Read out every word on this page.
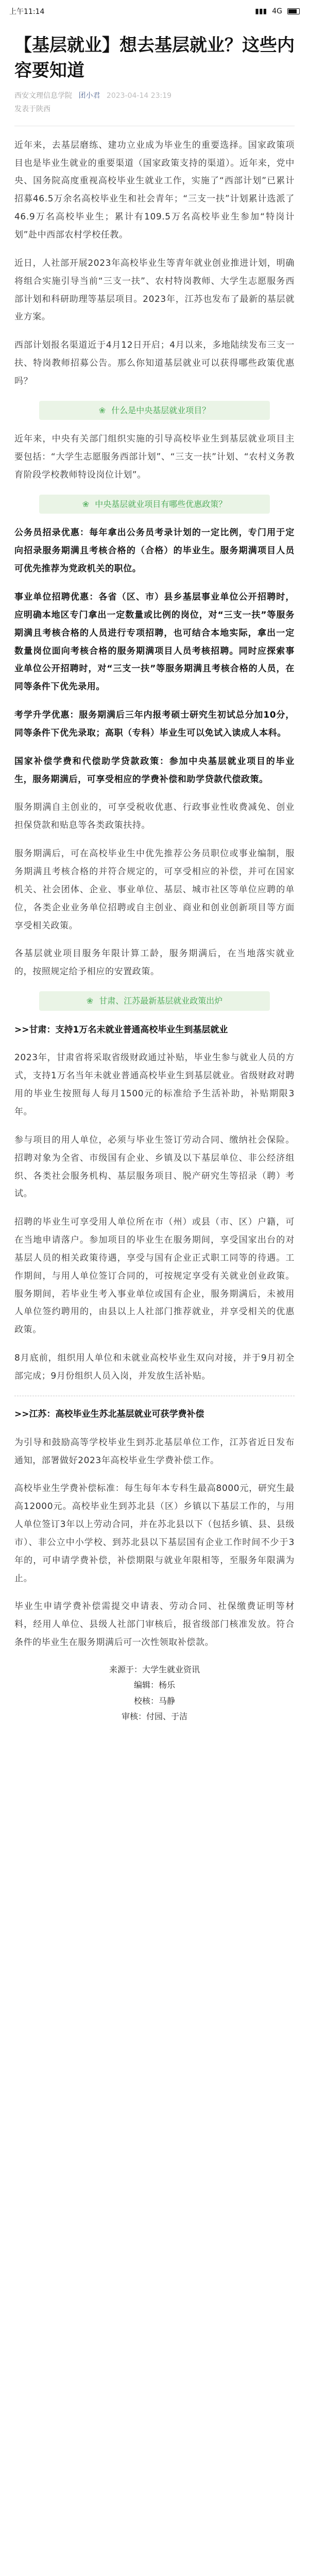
上午11:14	▮▮▮ 4G
【基层就业】想去基层就业？这些内容要知道
西安文理信息学院 团小君 2023-04-14 23:19
发表于陕西

近年来，去基层磨练、建功立业成为毕业生的重要选择。国家政策项目也是毕业生就业的重要渠道（国家政策支持的渠道）。近年来，党中央、国务院高度重视高校毕业生就业工作，实施了“西部计划”已累计招募46.5万余名高校毕业生和社会青年；“三支一扶”计划累计选派了46.9万名高校毕业生；累计有109.5万名高校毕业生参加“特岗计划”赴中西部农村学校任教。

近日，人社部开展2023年高校毕业生等青年就业创业推进计划，明确将组合实施引导当前“三支一扶”、农村特岗教师、大学生志愿服务西部计划和科研助理等基层项目。2023年，江苏也发布了最新的基层就业方案。

西部计划报名渠道近于4月12日开启；4月以来，多地陆续发布三支一扶、特岗教师招募公告。那么你知道基层就业可以获得哪些政策优惠吗？

❀ 什么是中央基层就业项目？

近年来，中央有关部门组织实施的引导高校毕业生到基层就业项目主要包括：“大学生志愿服务西部计划”、“三支一扶”计划、“农村义务教育阶段学校教师特设岗位计划”。

❀ 中央基层就业项目有哪些优惠政策？

公务员招录优惠：每年拿出公务员考录计划的一定比例，专门用于定向招录服务期满且考核合格的（合格）的毕业生。服务期满项目人员可优先推荐为党政机关的职位。

事业单位招聘优惠：各省（区、市）县乡基层事业单位公开招聘时，应明确本地区专门拿出一定数量或比例的岗位，对“三支一扶”等服务期满且考核合格的人员进行专项招聘，也可结合本地实际，拿出一定数量岗位面向考核合格的服务期满项目人员考核招聘。同时应探索事业单位公开招聘时，对“三支一扶”等服务期满且考核合格的人员，在同等条件下优先录用。

考学升学优惠：服务期满后三年内报考硕士研究生初试总分加10分，同等条件下优先录取；高职（专科）毕业生可以免试入读成人本科。

国家补偿学费和代偿助学贷款政策：参加中央基层就业项目的毕业生，服务期满后，可享受相应的学费补偿和助学贷款代偿政策。

服务期满自主创业的，可享受税收优惠、行政事业性收费减免、创业担保贷款和贴息等各类政策扶持。

服务期满后，可在高校毕业生中优先推荐公务员职位或事业编制，服务期满且考核合格的并符合规定的，可享受相应的补偿，并可在国家机关、社会团体、企业、事业单位、基层、城市社区等单位应聘的单位，各类企业业务单位招聘或自主创业、商业和创业创新项目等方面享受相关政策。

各基层就业项目服务年限计算工龄，服务期满后，在当地落实就业的，按照规定给予相应的安置政策。

❀ 甘肃、江苏最新基层就业政策出炉
>>甘肃：支持1万名未就业普通高校毕业生到基层就业

2023年，甘肃省将采取省级财政通过补贴，毕业生参与就业人员的方式，支持1万名当年未就业普通高校毕业生到基层就业。省级财政对聘用的毕业生按照每人每月1500元的标准给予生活补助，补贴期限3年。

参与项目的用人单位，必须与毕业生签订劳动合同、缴纳社会保险。招聘对象为全省、市级国有企业、乡镇及以下基层单位、非公经济组织、各类社会服务机构、基层服务项目、脱产研究生等招录（聘）考试。

招聘的毕业生可享受用人单位所在市（州）或县（市、区）户籍，可在当地申请落户。参加项目的毕业生在服务期间，享受国家出台的对基层人员的相关政策待遇，享受与国有企业正式职工同等的待遇。工作期间，与用人单位签订合同的，可按规定享受有关就业创业政策。服务期间，若毕业生考入事业单位或国有企业，服务期满后，未被用人单位签约聘用的，由县以上人社部门推荐就业，并享受相关的优惠政策。

8月底前，组织用人单位和未就业高校毕业生双向对接，并于9月初全部完成；9月份组织人员入岗，并发放生活补贴。

>>江苏：高校毕业生苏北基层就业可获学费补偿

为引导和鼓励高等学校毕业生到苏北基层单位工作，江苏省近日发布通知，部署做好2023年高校毕业生学费补偿工作。

高校毕业生学费补偿标准：每生每年本专科生最高8000元，研究生最高12000元。高校毕业生到苏北县（区）乡镇以下基层工作的，与用人单位签订3年以上劳动合同，并在苏北县以下（包括乡镇、县、县级市）、非公立中小学校、到苏北县以下基层国有企业工作时间不少于3年的，可申请学费补偿，补偿期限与就业年限相等，至服务年限满为止。

毕业生申请学费补偿需提交申请表、劳动合同、社保缴费证明等材料，经用人单位、县级人社部门审核后，报省级部门核准发放。符合条件的毕业生在服务期满后可一次性领取补偿款。

来源于：大学生就业资讯
编辑：杨乐
校核：马静
审核：付园、于洁
